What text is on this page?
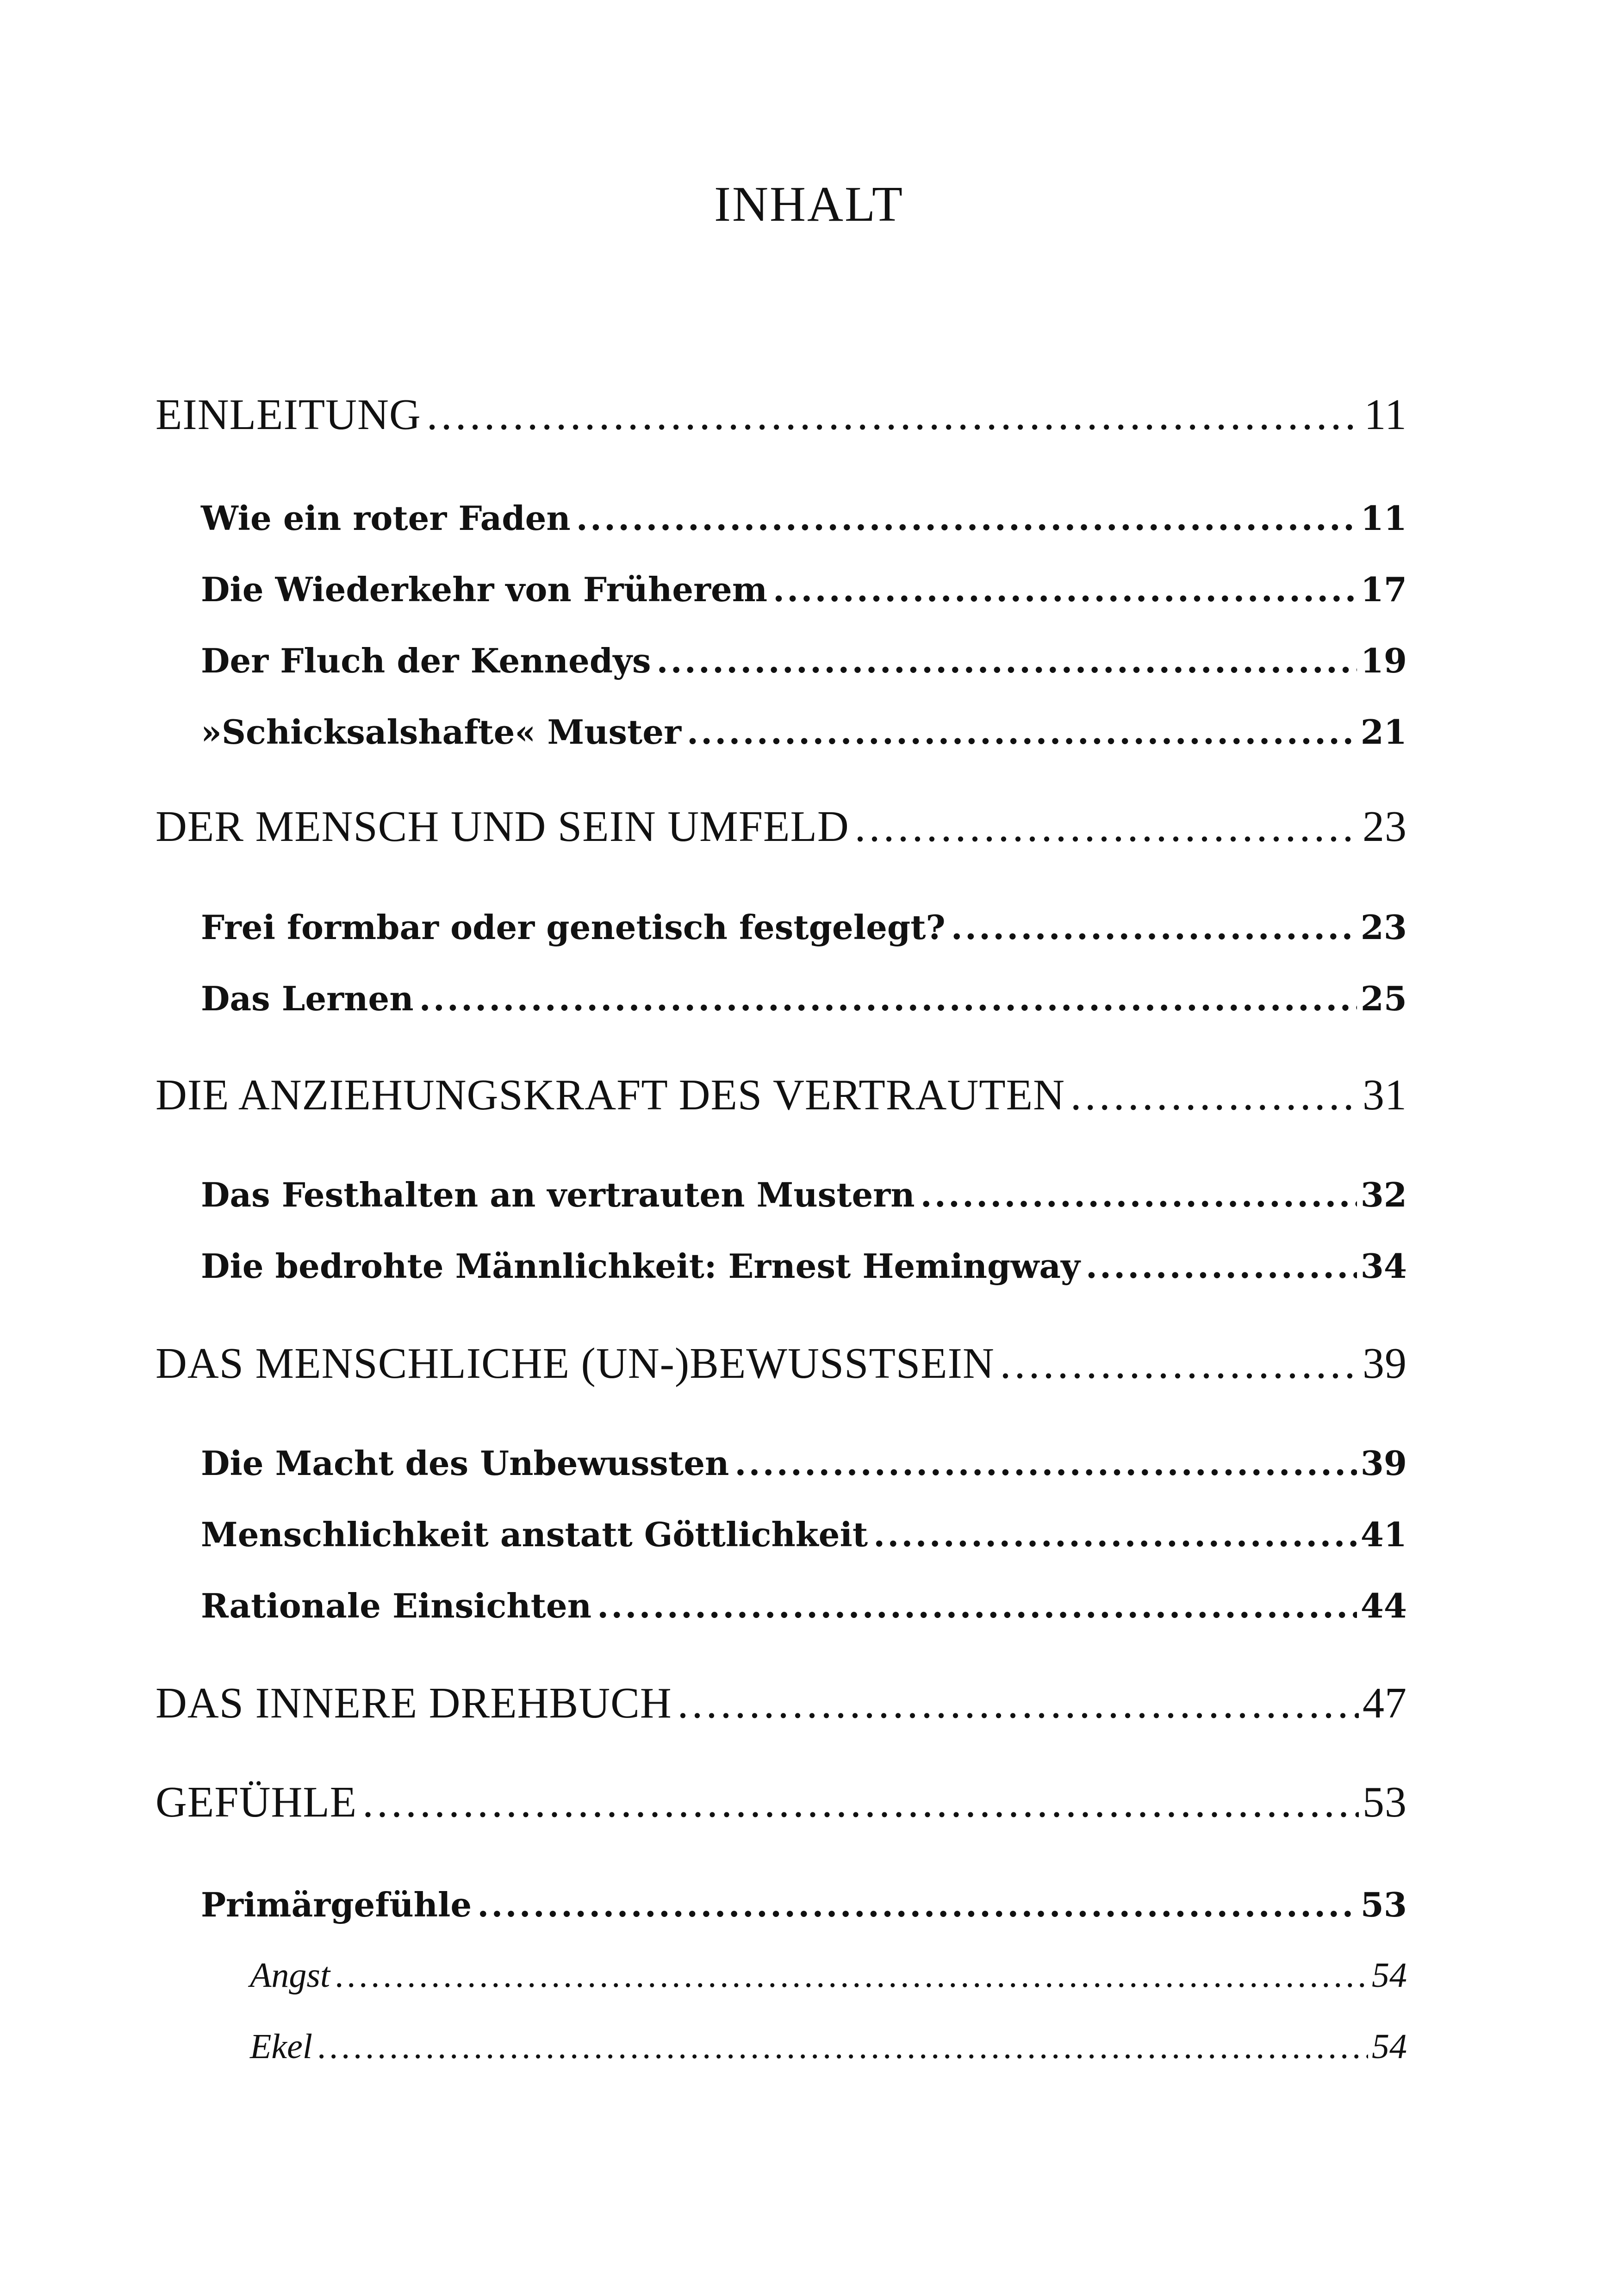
INHALT
EINLEITUNG . . .	11
Wie ein roter Faden . . .	11
Die Wiederkehr von Früherem . . .	17
Der Fluch der Kennedys . . .	19
»Schicksalshafte« Muster . . .	21
DER MENSCH UND SEIN UMFELD . . .	23
Frei formbar oder genetisch festgelegt? . . .	23
Das Lernen . . .	25
DIE ANZIEHUNGSKRAFT DES VERTRAUTEN . . .	31
Das Festhalten an vertrauten Mustern . . .	32
Die bedrohte Männlichkeit: Ernest Hemingway . . .	34
DAS MENSCHLICHE (UN-)BEWUSSTSEIN . . .	39
Die Macht des Unbewussten . . .	39
Menschlichkeit anstatt Göttlichkeit . . .	41
Rationale Einsichten . . .	44
DAS INNERE DREHBUCH . . .	47
GEFÜHLE . . .	53
Primärgefühle . . .	53
Angst . . .	54
Ekel . . .	54
